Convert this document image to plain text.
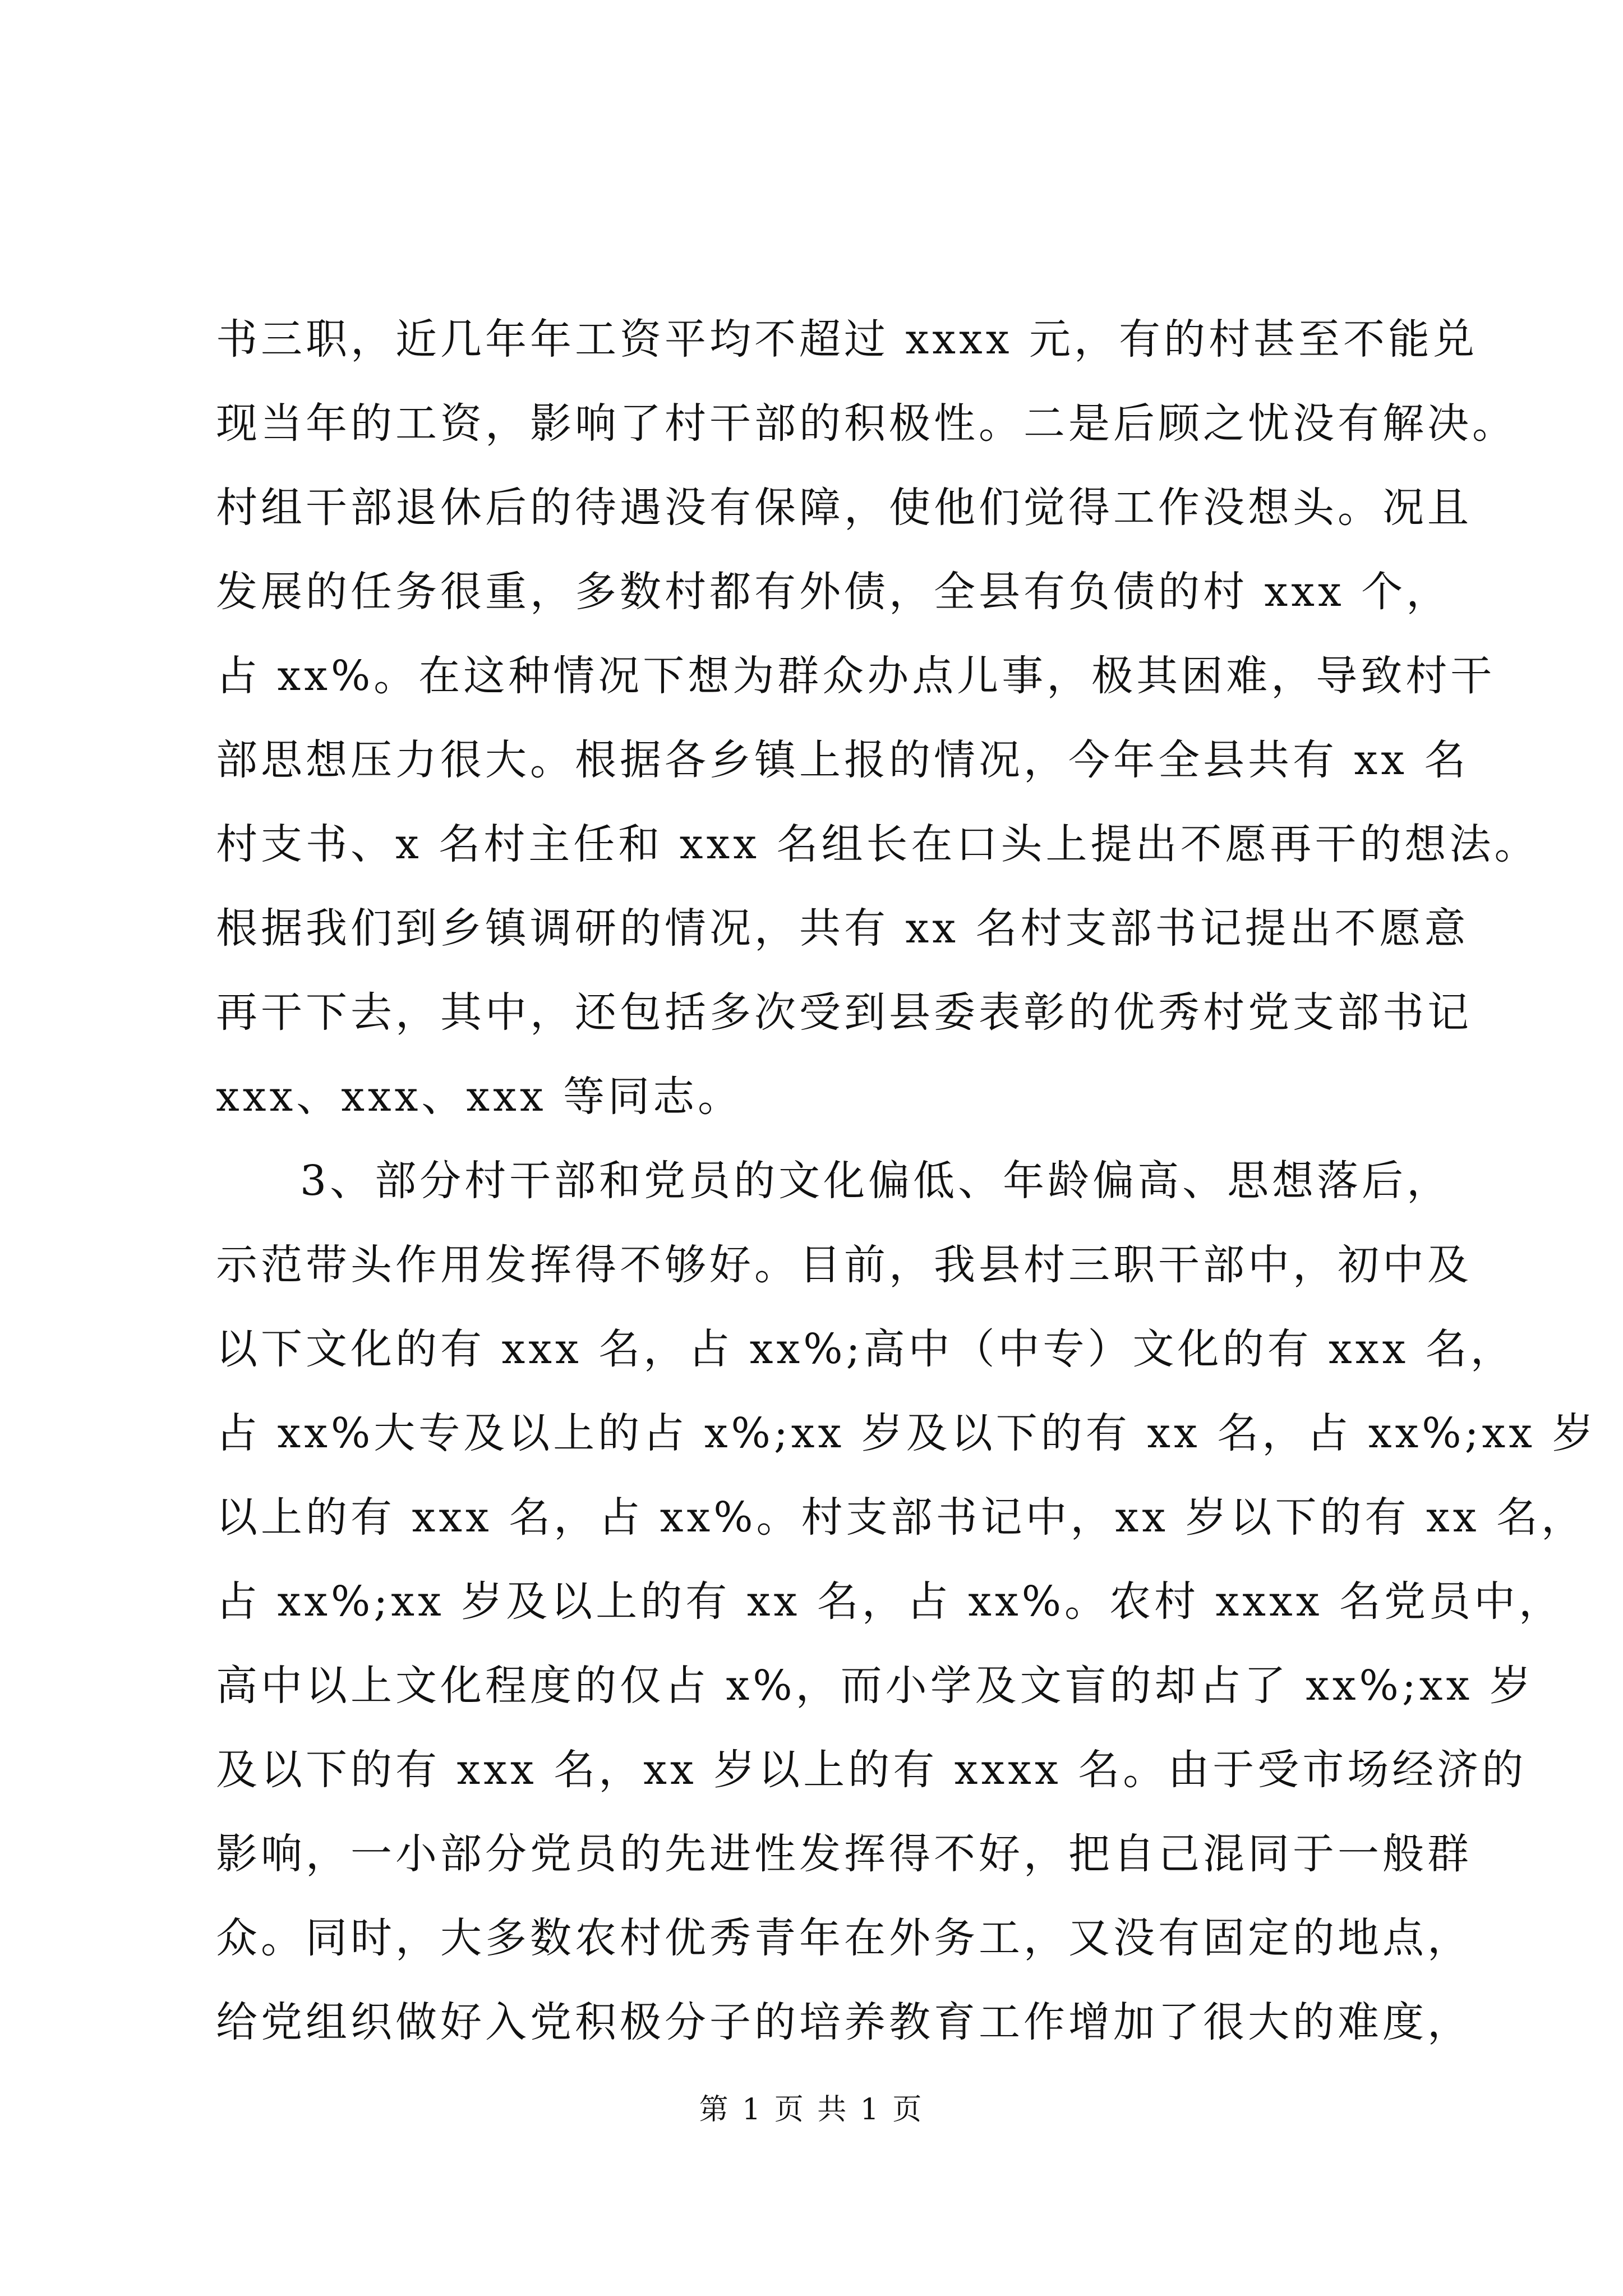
书三职，近几年年工资平均不超过 xxxx 元，有的村甚至不能兑
现当年的工资，影响了村干部的积极性。二是后顾之忧没有解决。
村组干部退休后的待遇没有保障，使他们觉得工作没想头。况且
发展的任务很重，多数村都有外债，全县有负债的村 xxx 个，
占 xx%。在这种情况下想为群众办点儿事，极其困难，导致村干
部思想压力很大。根据各乡镇上报的情况，今年全县共有 xx 名
村支书、x 名村主任和 xxx 名组长在口头上提出不愿再干的想法。
根据我们到乡镇调研的情况，共有 xx 名村支部书记提出不愿意
再干下去，其中，还包括多次受到县委表彰的优秀村党支部书记
xxx、xxx、xxx 等同志。
3、部分村干部和党员的文化偏低、年龄偏高、思想落后，
示范带头作用发挥得不够好。目前，我县村三职干部中，初中及
以下文化的有 xxx 名，占 xx%;高中（中专）文化的有 xxx 名，
占 xx%大专及以上的占 x%;xx 岁及以下的有 xx 名，占 xx%;xx 岁
以上的有 xxx 名，占 xx%。村支部书记中，xx 岁以下的有 xx 名，
占 xx%;xx 岁及以上的有 xx 名，占 xx%。农村 xxxx 名党员中，
高中以上文化程度的仅占 x%，而小学及文盲的却占了 xx%;xx 岁
及以下的有 xxx 名，xx 岁以上的有 xxxx 名。由于受市场经济的
影响，一小部分党员的先进性发挥得不好，把自己混同于一般群
众。同时，大多数农村优秀青年在外务工，又没有固定的地点，
给党组织做好入党积极分子的培养教育工作增加了很大的难度，
第 1 页 共 1 页
